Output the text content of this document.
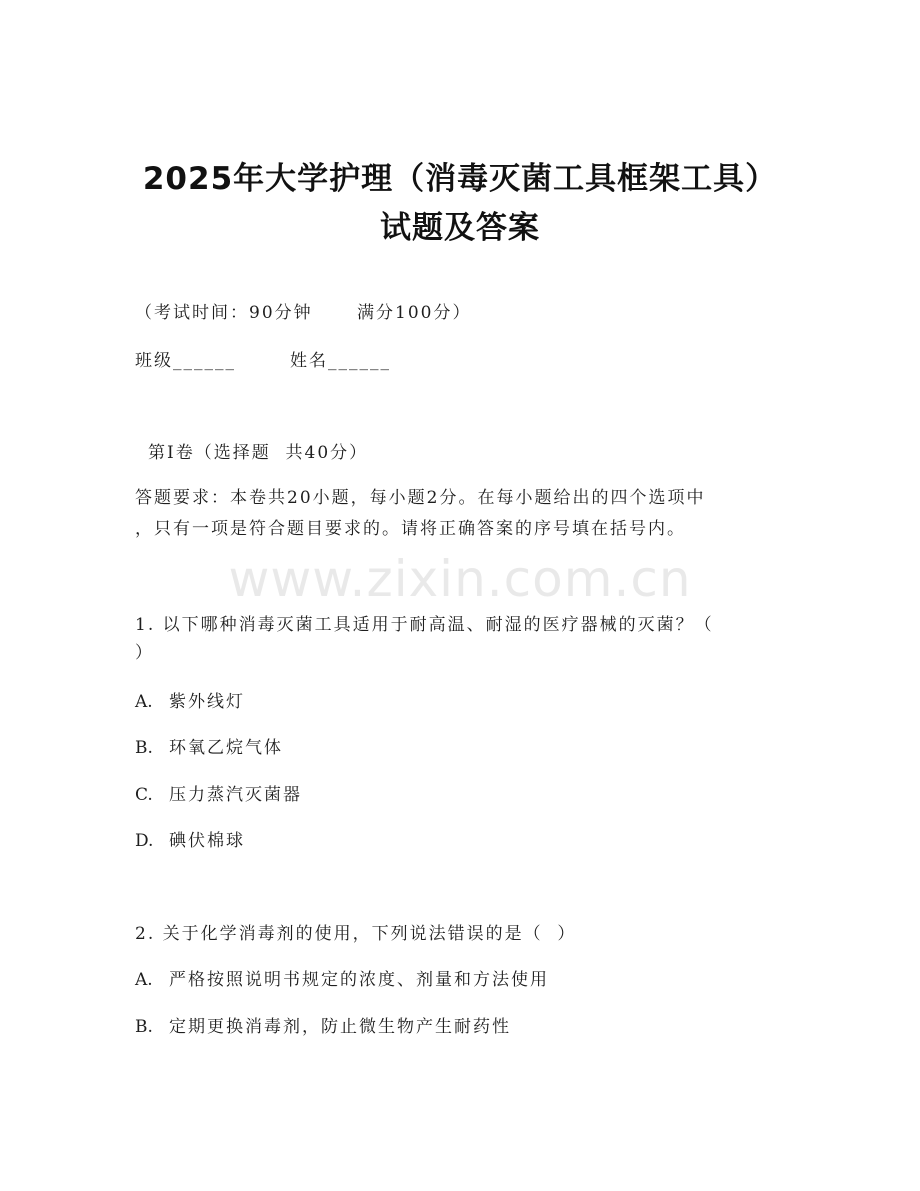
2025年大学护理（消毒灭菌工具框架工具）
试题及答案
（考试时间：90分钟      满分100分）
班级______	姓名______
第I卷（选择题  共40分）
答题要求：本卷共20小题，每小题2分。在每小题给出的四个选项中
，只有一项是符合题目要求的。请将正确答案的序号填在括号内。
www.zixin.com.cn
1. 以下哪种消毒灭菌工具适用于耐高温、耐湿的医疗器械的灭菌？（
）
A. 紫外线灯
B. 环氧乙烷气体
C. 压力蒸汽灭菌器
D. 碘伏棉球
2. 关于化学消毒剂的使用，下列说法错误的是（  ）
A. 严格按照说明书规定的浓度、剂量和方法使用
B. 定期更换消毒剂，防止微生物产生耐药性
